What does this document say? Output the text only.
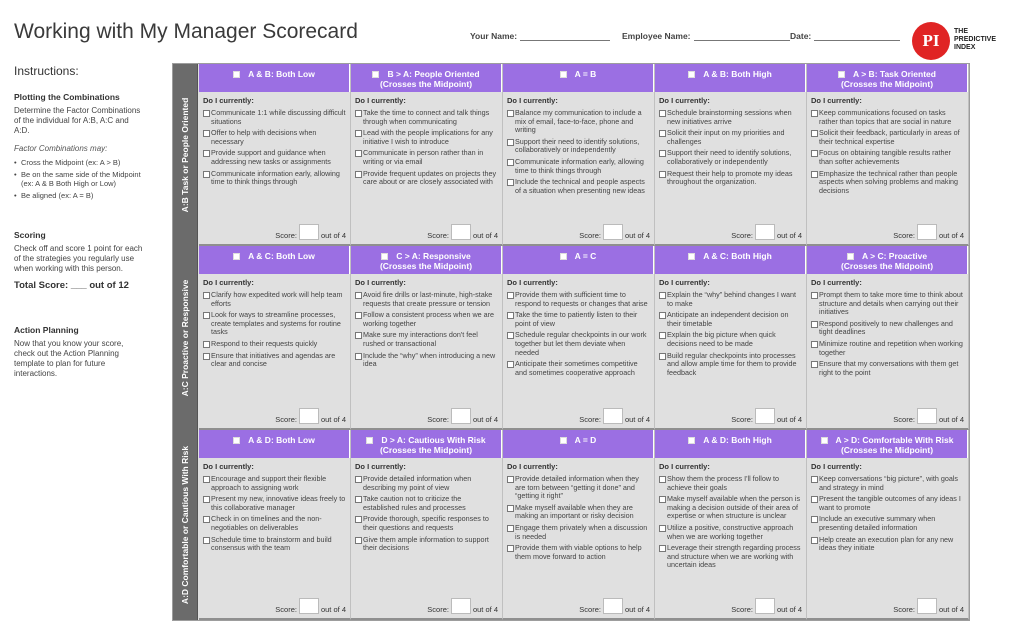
Working with My Manager Scorecard	Your Name:	Employee Name:	Date:	PI	THE
PREDICTIVE
INDEX
Instructions:
Plotting the Combinations

Determine the Factor Combinations of the individual for A:B, A:C and A:D.

Factor Combinations may:

• Cross the Midpoint (ex: A > B)
• Be on the same side of the Midpoint (ex: A & B Both High or Low)
• Be aligned (ex: A = B)
Scoring

Check off and score 1 point for each of the strategies you regularly use when working with this person.

Total Score: ___ out of 12
Action Planning

Now that you know your score, check out the Action Planning template to plan for future interactions.

A:B Task or People Oriented
A:C Proactive or Responsive
A:D Comfortable or Cautious With Risk
A & B: Both Low

Do I currently:
Communicate 1:1 while discussing difficult situations
Offer to help with decisions when necessary
Provide support and guidance when addressing new tasks or assignments
Communicate information early, allowing time to think things through
Score:	out of 4
B > A: People Oriented
(Crosses the Midpoint)
Do I currently:
Take the time to connect and talk things through when communicating
Lead with the people implications for any initiative I wish to introduce
Communicate in person rather than in writing or via email
Provide frequent updates on projects they care about or are closely associated with
Score:	out of 4
A = B

Do I currently:
Balance my communication to include a mix of email, face-to-face, phone and writing
Support their need to identify solutions, collaboratively or independently
Communicate information early, allowing time to think things through
Include the technical and people aspects of a situation when presenting new ideas
Score:	out of 4
A & B: Both High

Do I currently:
Schedule brainstorming sessions when new initiatives arrive
Solicit their input on my priorities and challenges
Support their need to identify solutions, collaboratively or independently
Request their help to promote my ideas throughout the organization.
Score:	out of 4
A > B: Task Oriented
(Crosses the Midpoint)
Do I currently:
Keep communications focused on tasks rather than topics that are social in nature
Solicit their feedback, particularly in areas of their technical expertise
Focus on obtaining tangible results rather than softer achievements
Emphasize the technical rather than people aspects when solving problems and making decisions
Score:	out of 4
A & C: Both Low

Do I currently:
Clarify how expedited work will help team efforts
Look for ways to streamline processes, create templates and systems for routine tasks
Respond to their requests quickly
Ensure that initiatives and agendas are clear and concise
Score:	out of 4
C > A: Responsive
(Crosses the Midpoint)
Do I currently:
Avoid fire drills or last-minute, high-stake requests that create pressure or tension
Follow a consistent process when we are working together
Make sure my interactions don't feel rushed or transactional
Include the “why” when introducing a new idea
Score:	out of 4
A = C

Do I currently:
Provide them with sufficient time to respond to requests or changes that arise
Take the time to patiently listen to their point of view
Schedule regular checkpoints in our work together but let them deviate when needed
Anticipate their sometimes competitive and sometimes cooperative approach
Score:	out of 4
A & C: Both High

Do I currently:
Explain the “why” behind changes I want to make
Anticipate an independent decision on their timetable
Explain the big picture when quick decisions need to be made
Build regular checkpoints into processes and allow ample time for them to provide feedback
Score:	out of 4
A > C: Proactive
(Crosses the Midpoint)
Do I currently:
Prompt them to take more time to think about structure and details when carrying out their initiatives
Respond positively to new challenges and tight deadlines
Minimize routine and repetition when working together
Ensure that my conversations with them get right to the point
Score:	out of 4
A & D: Both Low

Do I currently:
Encourage and support their flexible approach to assigning work
Present my new, innovative ideas freely to this collaborative manager
Check in on timelines and the non-negotiables on deliverables
Schedule time to brainstorm and build consensus with the team
Score:	out of 4
D > A: Cautious With Risk
(Crosses the Midpoint)
Do I currently:
Provide detailed information when describing my point of view
Take caution not to criticize the established rules and processes
Provide thorough, specific responses to their questions and requests
Give them ample information to support their decisions
Score:	out of 4
A = D

Do I currently:
Provide detailed information when they are torn between “getting it done” and “getting it right”
Make myself available when they are making an important or risky decision
Engage them privately when a discussion is needed
Provide them with viable options to help them move forward to action
Score:	out of 4
A & D: Both High

Do I currently:
Show them the process I'll follow to achieve their goals
Make myself available when the person is making a decision outside of their area of expertise or when structure is unclear
Utilize a positive, constructive approach when we are working together
Leverage their strength regarding process and structure when we are working with uncertain ideas
Score:	out of 4
A > D: Comfortable With Risk
(Crosses the Midpoint)
Do I currently:
Keep conversations “big picture”, with goals and strategy in mind
Present the tangible outcomes of any ideas I want to promote
Include an executive summary when presenting detailed information
Help create an execution plan for any new ideas they initiate
Score:	out of 4
